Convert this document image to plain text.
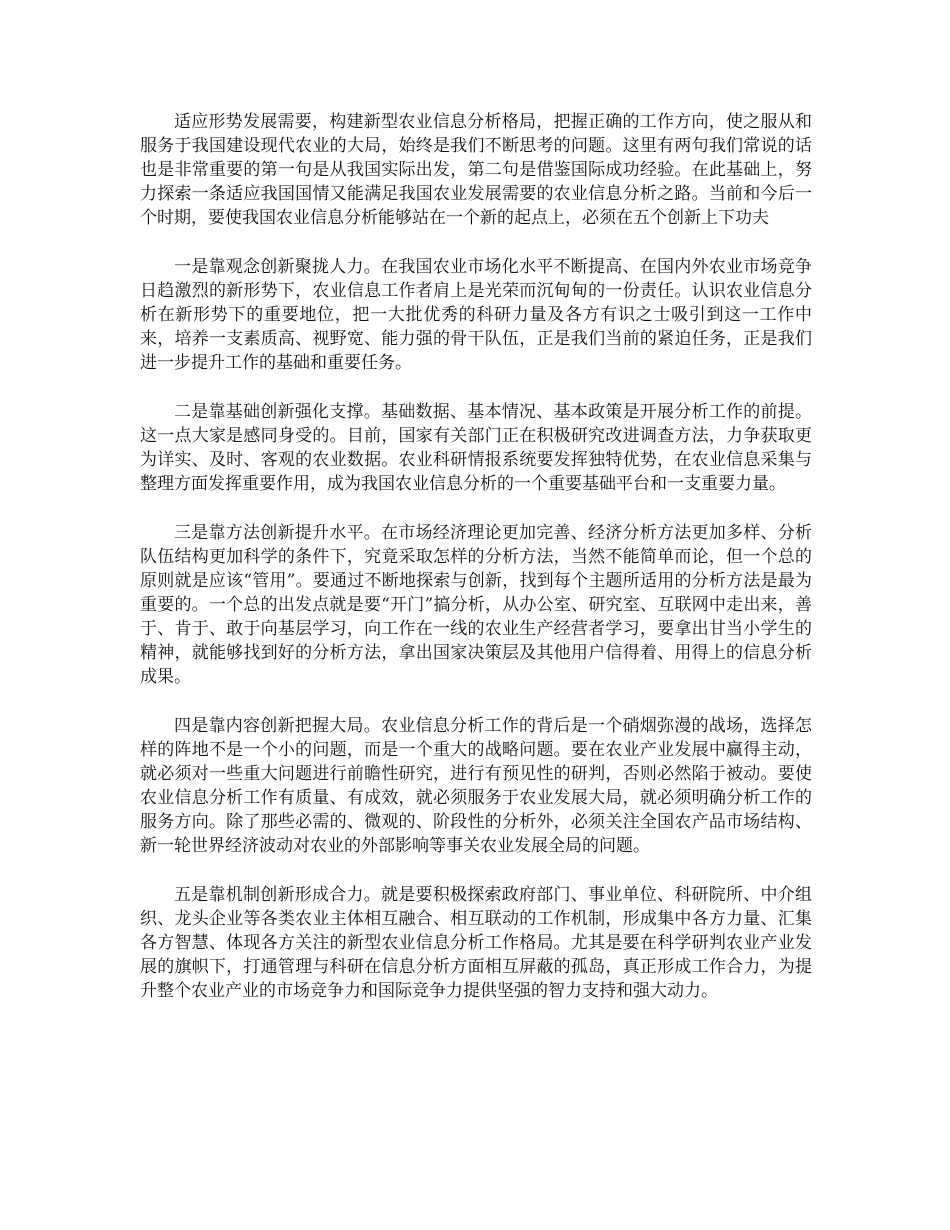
适应形势发展需要，构建新型农业信息分析格局，把握正确的工作方向，使之服从和服务于我国建设现代农业的大局，始终是我们不断思考的问题。这里有两句我们常说的话也是非常重要的第一句是从我国实际出发，第二句是借鉴国际成功经验。在此基础上，努力探索一条适应我国国情又能满足我国农业发展需要的农业信息分析之路。当前和今后一个时期，要使我国农业信息分析能够站在一个新的起点上，必须在五个创新上下功夫

一是靠观念创新聚拢人力。在我国农业市场化水平不断提高、在国内外农业市场竞争日趋激烈的新形势下，农业信息工作者肩上是光荣而沉甸甸的一份责任。认识农业信息分析在新形势下的重要地位，把一大批优秀的科研力量及各方有识之士吸引到这一工作中来，培养一支素质高、视野宽、能力强的骨干队伍，正是我们当前的紧迫任务，正是我们进一步提升工作的基础和重要任务。

二是靠基础创新强化支撑。基础数据、基本情况、基本政策是开展分析工作的前提。这一点大家是感同身受的。目前，国家有关部门正在积极研究改进调查方法，力争获取更为详实、及时、客观的农业数据。农业科研情报系统要发挥独特优势，在农业信息采集与整理方面发挥重要作用，成为我国农业信息分析的一个重要基础平台和一支重要力量。

三是靠方法创新提升水平。在市场经济理论更加完善、经济分析方法更加多样、分析队伍结构更加科学的条件下，究竟采取怎样的分析方法，当然不能简单而论，但一个总的原则就是应该“管用”。要通过不断地探索与创新，找到每个主题所适用的分析方法是最为重要的。一个总的出发点就是要“开门”搞分析，从办公室、研究室、互联网中走出来，善于、肯于、敢于向基层学习，向工作在一线的农业生产经营者学习，要拿出甘当小学生的精神，就能够找到好的分析方法，拿出国家决策层及其他用户信得着、用得上的信息分析成果。

四是靠内容创新把握大局。农业信息分析工作的背后是一个硝烟弥漫的战场，选择怎样的阵地不是一个小的问题，而是一个重大的战略问题。要在农业产业发展中赢得主动，就必须对一些重大问题进行前瞻性研究，进行有预见性的研判，否则必然陷于被动。要使农业信息分析工作有质量、有成效，就必须服务于农业发展大局，就必须明确分析工作的服务方向。除了那些必需的、微观的、阶段性的分析外，必须关注全国农产品市场结构、新一轮世界经济波动对农业的外部影响等事关农业发展全局的问题。

五是靠机制创新形成合力。就是要积极探索政府部门、事业单位、科研院所、中介组织、龙头企业等各类农业主体相互融合、相互联动的工作机制，形成集中各方力量、汇集各方智慧、体现各方关注的新型农业信息分析工作格局。尤其是要在科学研判农业产业发展的旗帜下，打通管理与科研在信息分析方面相互屏蔽的孤岛，真正形成工作合力，为提升整个农业产业的市场竞争力和国际竞争力提供坚强的智力支持和强大动力。
